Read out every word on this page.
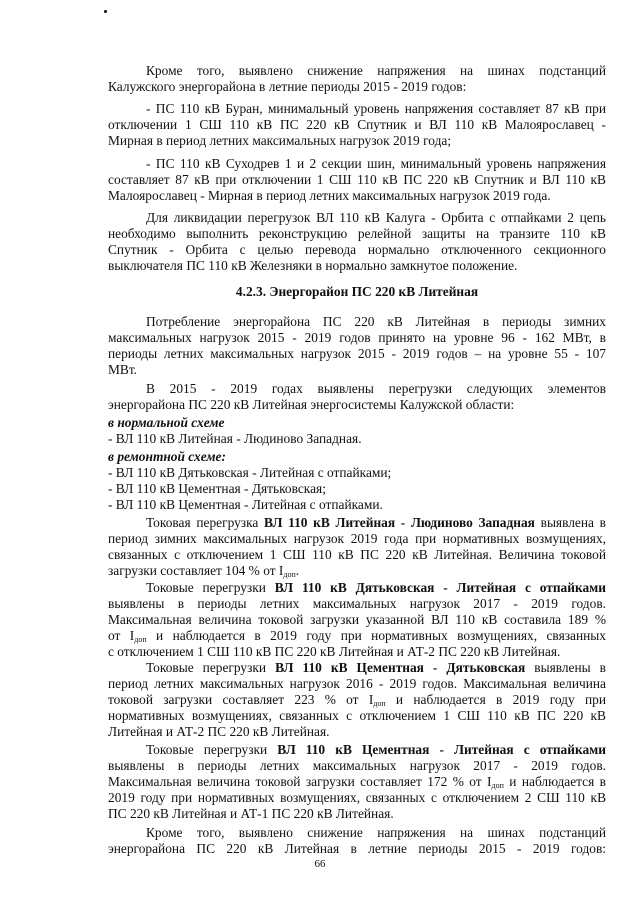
Кроме того, выявлено снижение напряжения на шинах подстанций
Калужского энергорайона в летние периоды 2015 - 2019 годов:
- ПС 110 кВ Буран, минимальный уровень напряжения составляет 87 кВ при
отключении 1 СШ 110 кВ ПС 220 кВ Спутник и ВЛ 110 кВ Малоярославец -
Мирная в период летних максимальных нагрузок 2019 года;
- ПС 110 кВ Суходрев 1 и 2 секции шин, минимальный уровень напряжения
составляет 87 кВ при отключении 1 СШ 110 кВ ПС 220 кВ Спутник и ВЛ 110 кВ
Малоярославец - Мирная в период летних максимальных нагрузок 2019 года.
Для ликвидации перегрузок ВЛ 110 кВ Калуга - Орбита с отпайками 2 цепь
необходимо выполнить реконструкцию релейной защиты на транзите 110 кВ
Спутник - Орбита с целью перевода нормально отключенного секционного
выключателя ПС 110 кВ Железняки в нормально замкнутое положение.
Потребление энергорайона ПС 220 кВ Литейная в периоды зимних
максимальных нагрузок 2015 - 2019 годов принято на уровне 96 - 162 МВт, в
периоды летних максимальных нагрузок 2015 - 2019 годов – на уровне 55 - 107
МВт.
В 2015 - 2019 годах выявлены перегрузки следующих элементов
энергорайона ПС 220 кВ Литейная энергосистемы Калужской области:
в нормальной схеме
- ВЛ 110 кВ Литейная - Людиново Западная.
в ремонтной схеме:
- ВЛ 110 кВ Дятьковская - Литейная с отпайками;
- ВЛ 110 кВ Цементная - Дятьковская;
- ВЛ 110 кВ Цементная - Литейная с отпайками.
Токовая перегрузка ВЛ 110 кВ Литейная - Людиново Западная выявлена в
период зимних максимальных нагрузок 2019 года при нормативных возмущениях,
связанных с отключением 1 СШ 110 кВ ПС 220 кВ Литейная. Величина токовой
загрузки составляет 104 % от $I_{доп}$.
Токовые перегрузки ВЛ 110 кВ Дятьковская - Литейная с отпайками
выявлены в периоды летних максимальных нагрузок 2017 - 2019 годов.
Максимальная величина токовой загрузки указанной ВЛ 110 кВ составила 189 %
от $I_{доп}$ и наблюдается в 2019 году при нормативных возмущениях, связанных
с отключением 1 СШ 110 кВ ПС 220 кВ Литейная и АТ-2 ПС 220 кВ Литейная.
Токовые перегрузки ВЛ 110 кВ Цементная - Дятьковская выявлены в
период летних максимальных нагрузок 2016 - 2019 годов. Максимальная величина
токовой загрузки составляет 223 % от $I_{доп}$ и наблюдается в 2019 году при
нормативных возмущениях, связанных с отключением 1 СШ 110 кВ ПС 220 кВ
Литейная и АТ-2 ПС 220 кВ Литейная.
Токовые перегрузки ВЛ 110 кВ Цементная - Литейная с отпайками
выявлены в периоды летних максимальных нагрузок 2017 - 2019 годов.
Максимальная величина токовой загрузки составляет 172 % от $I_{доп}$ и наблюдается в
2019 году при нормативных возмущениях, связанных с отключением 2 СШ 110 кВ
ПС 220 кВ Литейная и АТ-1 ПС 220 кВ Литейная.
Кроме того, выявлено снижение напряжения на шинах подстанций
энергорайона ПС 220 кВ Литейная в летние периоды 2015 - 2019 годов:
4.2.3. Энергорайон ПС 220 кВ Литейная
66
